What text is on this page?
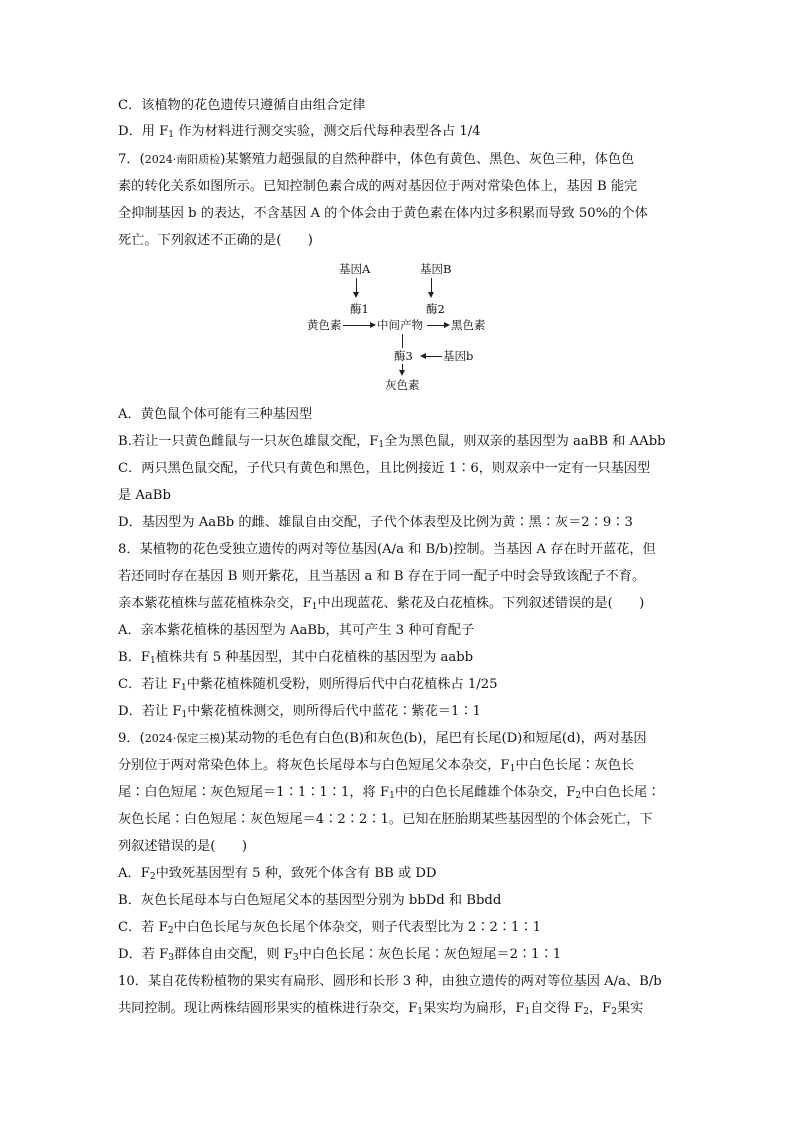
C．该植物的花色遗传只遵循自由组合定律
D．用 $F_1$ 作为材料进行测交实验，测交后代每种表型各占 1/4
7．(2024·南阳质检)某繁殖力超强鼠的自然种群中，体色有黄色、黑色、灰色三种，体色色
素的转化关系如图所示。已知控制色素合成的两对基因位于两对常染色体上，基因 B 能完
全抑制基因 b 的表达，不含基因 A 的个体会由于黄色素在体内过多积累而导致 50%的个体
死亡。下列叙述不正确的是(　　)
基因A	基因B
酶1	酶2
黄色素	中间产物 黑色素
酶3	基因b
灰色素
A．黄色鼠个体可能有三种基因型
B.若让一只黄色雌鼠与一只灰色雄鼠交配，$F_1$全为黑色鼠，则双亲的基因型为 aaBB 和 AAbb
C．两只黑色鼠交配，子代只有黄色和黑色，且比例接近 1∶6，则双亲中一定有一只基因型
是 AaBb
D．基因型为 AaBb 的雌、雄鼠自由交配，子代个体表型及比例为黄∶黑∶灰＝2∶9∶3
8．某植物的花色受独立遗传的两对等位基因(A/a 和 B/b)控制。当基因 A 存在时开蓝花，但
若还同时存在基因 B 则开紫花，且当基因 a 和 B 存在于同一配子中时会导致该配子不育。
亲本紫花植株与蓝花植株杂交，$F_1$中出现蓝花、紫花及白花植株。下列叙述错误的是(　　)
A．亲本紫花植株的基因型为 AaBb，其可产生 3 种可育配子
B．$F_1$植株共有 5 种基因型，其中白花植株的基因型为 aabb
C．若让 $F_1$中紫花植株随机受粉，则所得后代中白花植株占 1/25
D．若让 $F_1$中紫花植株测交，则所得后代中蓝花∶紫花＝1∶1
9．(2024·保定三模)某动物的毛色有白色(B)和灰色(b)，尾巴有长尾(D)和短尾(d)，两对基因
分别位于两对常染色体上。将灰色长尾母本与白色短尾父本杂交，$F_1$中白色长尾∶灰色长
尾∶白色短尾∶灰色短尾＝1∶1∶1∶1，将 $F_1$中的白色长尾雌雄个体杂交，$F_2$中白色长尾∶
灰色长尾∶白色短尾∶灰色短尾＝4∶2∶2∶1。已知在胚胎期某些基因型的个体会死亡，下
列叙述错误的是(　　)
A．$F_2$中致死基因型有 5 种，致死个体含有 BB 或 DD
B．灰色长尾母本与白色短尾父本的基因型分别为 bbDd 和 Bbdd
C．若 $F_2$中白色长尾与灰色长尾个体杂交，则子代表型比为 2∶2∶1∶1
D．若 $F_3$群体自由交配，则 $F_3$中白色长尾∶灰色长尾∶灰色短尾＝2∶1∶1
10．某自花传粉植物的果实有扁形、圆形和长形 3 种，由独立遗传的两对等位基因 A/a、B/b
共同控制。现让两株结圆形果实的植株进行杂交，$F_1$果实均为扁形，$F_1$自交得 $F_2$，$F_2$果实
